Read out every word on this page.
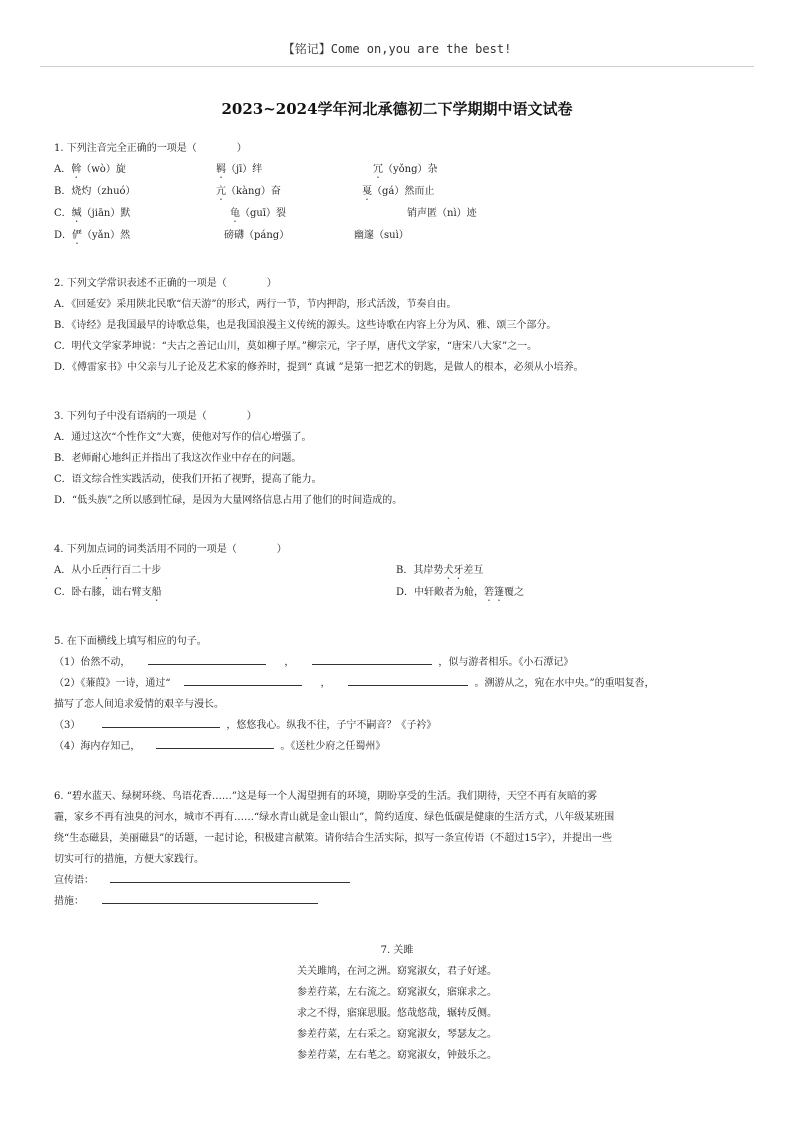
【铭记】Come on,you are the best!
2023~2024学年河北承德初二下学期期中语文试卷
1. 下列注音完全正确的一项是（　　　　）
A．斡（wò）旋	羁（jī）绊	冗（yǒng）杂
B．烧灼（zhuó）	亢（kàng）奋	戛（gá）然而止
C．缄（jiān）默	龟（guī）裂	销声匿（nì）迹
D．俨（yǎn）然	磅礴（páng）	幽邃（suì）
2. 下列文学常识表述不正确的一项是（　　　　）
A．《回延安》采用陕北民歌“信天游”的形式，两行一节，节内押韵，形式活泼，节奏自由。
B．《诗经》是我国最早的诗歌总集，也是我国浪漫主义传统的源头。这些诗歌在内容上分为风、雅、颂三个部分。
C．明代文学家茅坤说：“夫古之善记山川，莫如柳子厚。”柳宗元，字子厚，唐代文学家，“唐宋八大家”之一。
D．《傅雷家书》中父亲与儿子论及艺术家的修养时，提到“ 真诚 ”是第一把艺术的钥匙，是做人的根本，必须从小培养。
3. 下列句子中没有语病的一项是（　　　　）
A．通过这次“个性作文”大赛，使他对写作的信心增强了。
B．老师耐心地纠正并指出了我这次作业中存在的问题。
C．语文综合性实践活动，使我们开拓了视野，提高了能力。
D．“低头族”之所以感到忙碌，是因为大量网络信息占用了他们的时间造成的。
4. 下列加点词的词类活用不同的一项是（　　　　）
A．从小丘西行百二十步	B．其岸势犬牙差互
C．卧右膝，诎右臂支船	D．中轩敞者为舱，箬篷覆之
5. 在下面横线上填写相应的句子。
（1）佁然不动，	，	，似与游者相乐。《小石潭记》
（2）《蒹葭》一诗，通过“	，	。溯游从之，宛在水中央。”的重唱复沓，
描写了恋人间追求爱情的艰辛与漫长。
（3）	，悠悠我心。纵我不往，子宁不嗣音？《子衿》
（4）海内存知己，	。《送杜少府之任蜀州》
6. “碧水蓝天、绿树环绕、鸟语花香……”这是每一个人渴望拥有的环境，期盼享受的生活。我们期待，天空不再有灰暗的雾
霾，家乡不再有浊臭的河水，城市不再有……“绿水青山就是金山银山”，简约适度、绿色低碳是健康的生活方式，八年级某班围
绕“生态磁县，美丽磁县”的话题，一起讨论，积极建言献策。请你结合生活实际，拟写一条宣传语（不超过15字），并提出一些
切实可行的措施，方便大家践行。
宣传语：
措施：
7. 关雎
关关雎鸠，在河之洲。窈窕淑女，君子好逑。
参差荇菜，左右流之。窈窕淑女，寤寐求之。
求之不得，寤寐思服。悠哉悠哉，辗转反侧。
参差荇菜，左右采之。窈窕淑女，琴瑟友之。
参差荇菜，左右芼之。窈窕淑女，钟鼓乐之。
